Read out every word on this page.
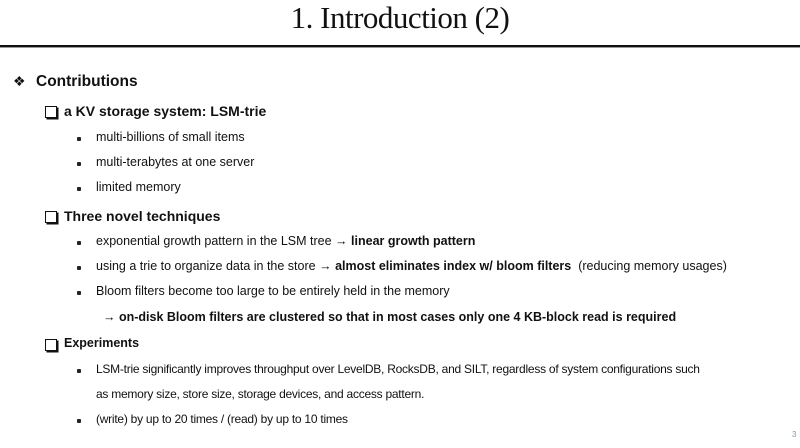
1. Introduction (2)
❖ Contributions
a KV storage system: LSM-trie
multi-billions of small items
multi-terabytes at one server
limited memory
Three novel techniques
exponential growth pattern in the LSM tree → linear growth pattern
using a trie to organize data in the store → almost eliminates index w/ bloom filters (reducing memory usages)
Bloom filters become too large to be entirely held in the memory
→ on-disk Bloom filters are clustered so that in most cases only one 4 KB-block read is required
Experiments
LSM-trie significantly improves throughput over LevelDB, RocksDB, and SILT, regardless of system configurations such
as memory size, store size, storage devices, and access pattern.
(write) by up to 20 times / (read) by up to 10 times
3
